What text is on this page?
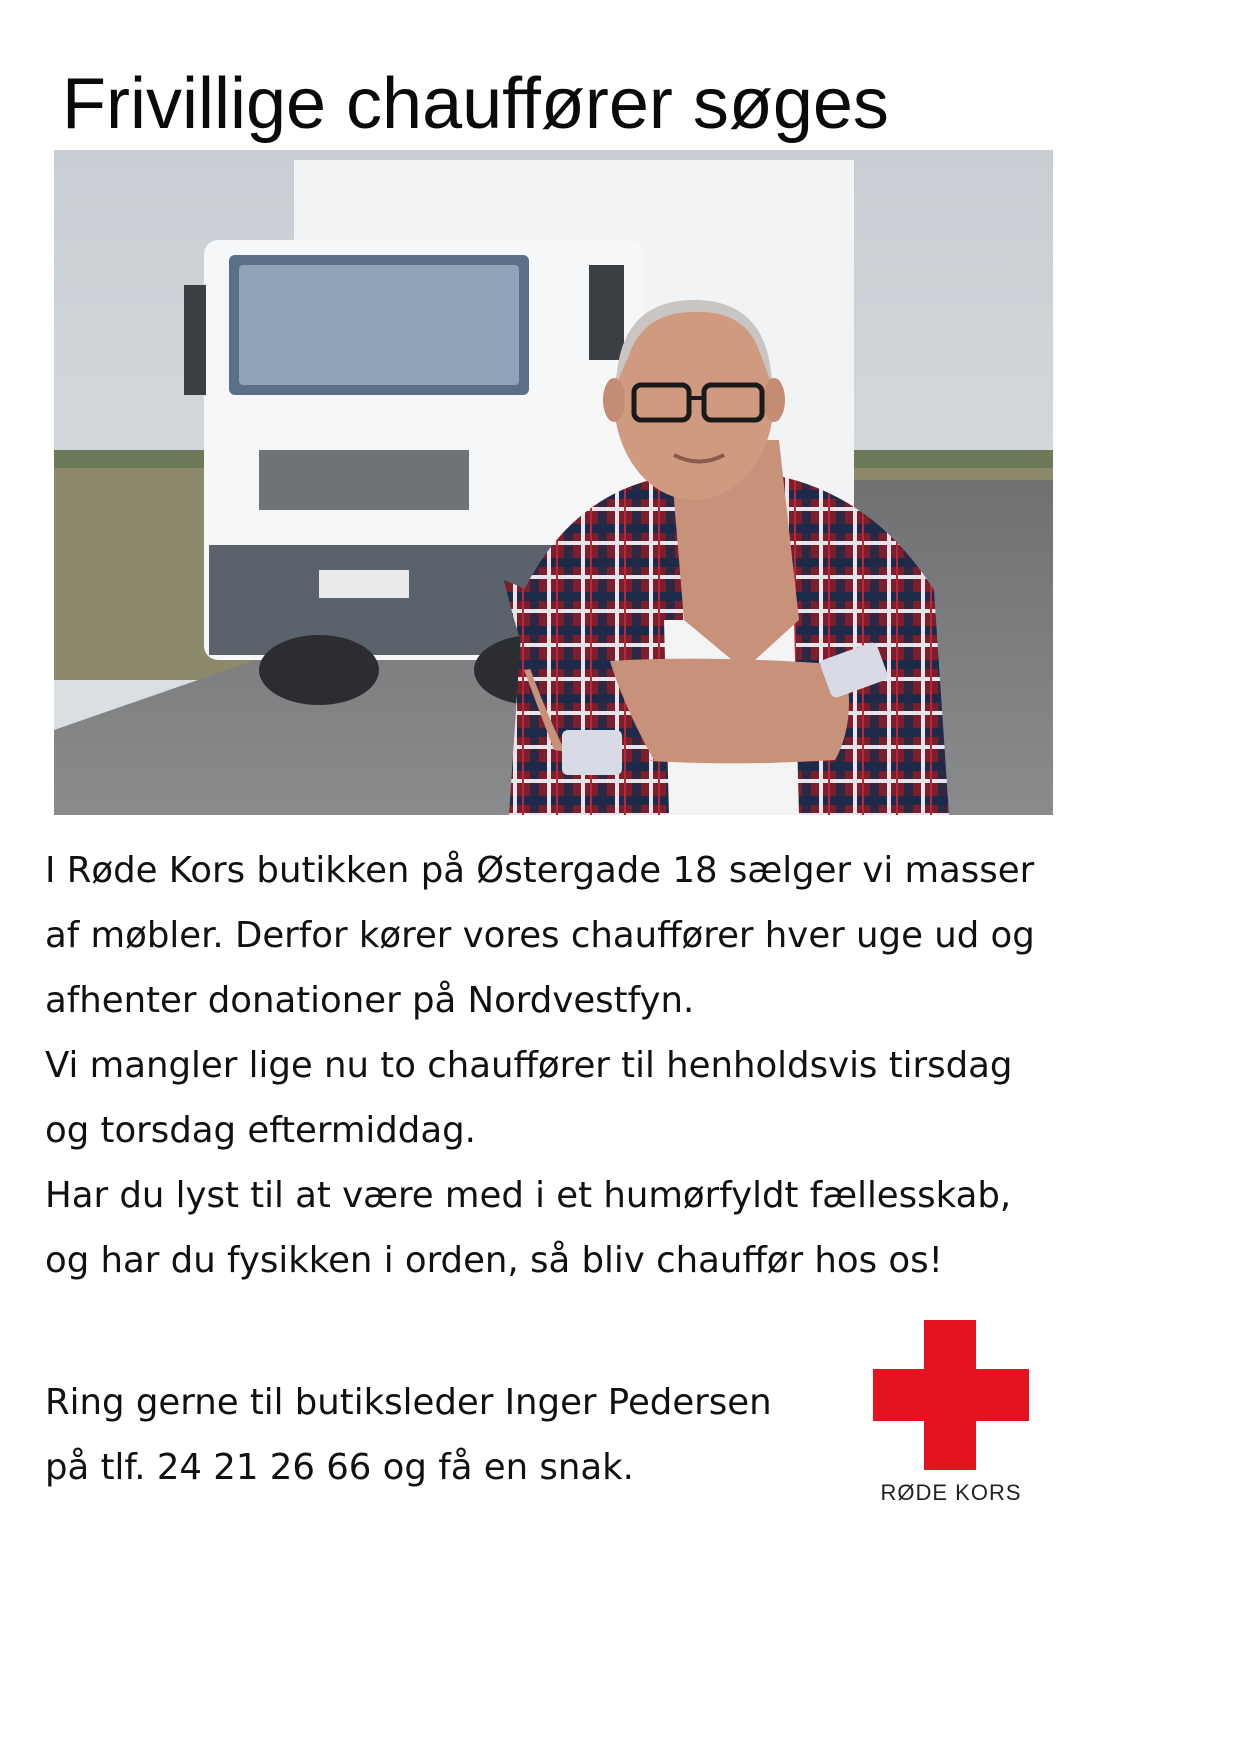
Frivillige chauffører søges

I Røde Kors butikken på Østergade 18 sælger vi masser

af møbler. Derfor kører vores chauffører hver uge ud og

afhenter donationer på Nordvestfyn.

Vi mangler lige nu to chauffører til henholdsvis tirsdag

og torsdag eftermiddag.

Har du lyst til at være med i et humørfyldt fællesskab,

og har du fysikken i orden, så bliv chauffør hos os!

Ring gerne til butiksleder Inger Pedersen

på tlf. 24 21 26 66 og få en snak.

RØDE KORS
